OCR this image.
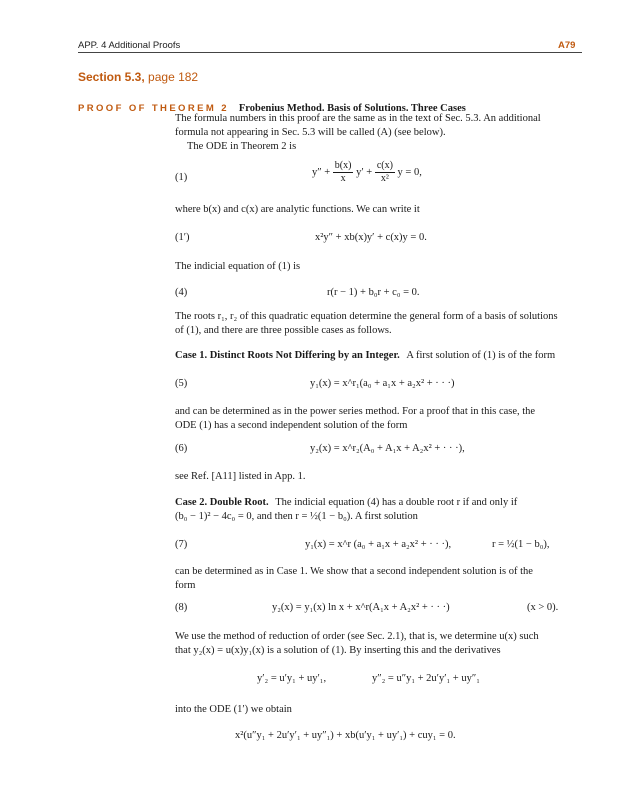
APP. 4 Additional Proofs	A79
Section 5.3, page 182
PROOF OF THEOREM 2 Frobenius Method. Basis of Solutions. Three Cases
The formula numbers in this proof are the same as in the text of Sec. 5.3. An additional
formula not appearing in Sec. 5.3 will be called (A) (see below).
The ODE in Theorem 2 is
(1)	$y'' + \frac{b(x)}{x} y' + \frac{c(x)}{\text{x²}}$ y = 0,
where b(x) and c(x) are analytic functions. We can write it
(1′)	x²y″ + xb(x)y′ + c(x)y = 0.
The indicial equation of (1) is
(4)	r(r − 1) + b₀r + c₀ = 0.
The roots r₁, r₂ of this quadratic equation determine the general form of a basis of solutions
of (1), and there are three possible cases as follows.
Case 1. Distinct Roots Not Differing by an Integer. A first solution of (1) is of the form
(5)	y₁(x) = x^r₁(a₀ + a₁x + a₂x² + · · ·)
and can be determined as in the power series method. For a proof that in this case, the
ODE (1) has a second independent solution of the form
(6)	y₂(x) = x^r₂(A₀ + A₁x + A₂x² + · · ·),
see Ref. [A11] listed in App. 1.
Case 2. Double Root. The indicial equation (4) has a double root r if and only if
(b₀ − 1)² − 4c₀ = 0, and then r = ½(1 − b₀). A first solution
(7)	y₁(x) = x^r (a₀ + a₁x + a₂x² + · · ·),	r = ½(1 − b₀),
can be determined as in Case 1. We show that a second independent solution is of the
form
(8)	y₂(x) = y₁(x) ln x + x^r(A₁x + A₂x² + · · ·)	(x > 0).
We use the method of reduction of order (see Sec. 2.1), that is, we determine u(x) such
that y₂(x) = u(x)y₁(x) is a solution of (1). By inserting this and the derivatives
y′₂ = u′y₁ + uy′₁,	y″₂ = u″y₁ + 2u′y′₁ + uy″₁
into the ODE (1′) we obtain
x²(u″y₁ + 2u′y′₁ + uy″₁) + xb(u′y₁ + uy′₁) + cuy₁ = 0.
